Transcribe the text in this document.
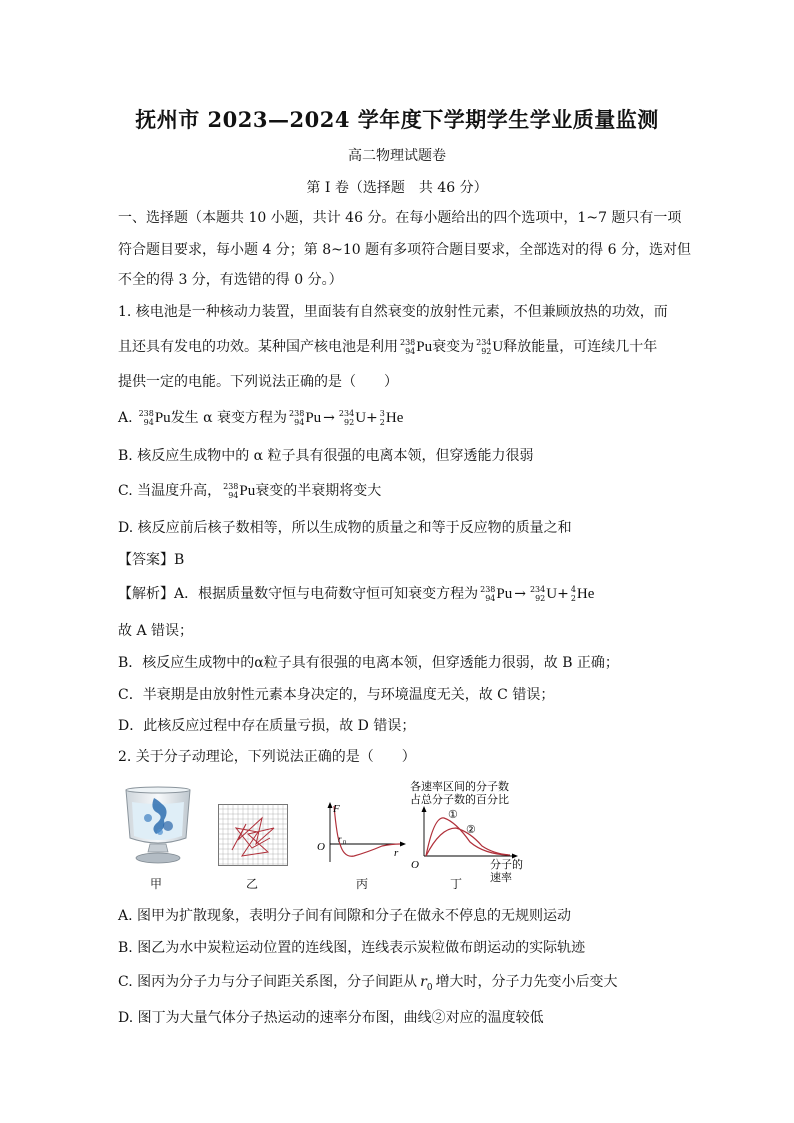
抚州市 2023—2024 学年度下学期学生学业质量监测
高二物理试题卷
第 I 卷（选择题　共 46 分）
一、选择题（本题共 10 小题，共计 46 分。在每小题给出的四个选项中，1~7 题只有一项
符合题目要求，每小题 4 分；第 8~10 题有多项符合题目要求，全部选对的得 6 分，选对但
不全的得 3 分，有选错的得 0 分。）
1. 核电池是一种核动力装置，里面装有自然衰变的放射性元素，不但兼顾放热的功效，而
且还具有发电的功效。某种国产核电池是利用 238
94 Pu 衰变为 234
92 U 释放能量，可连续几十年
提供一定的电能。下列说法正确的是（　　）
A. 238
94 Pu 发生 α 衰变方程为 238
94 Pu → 234
92 U + 3
2 He
B. 核反应生成物中的 α 粒子具有很强的电离本领，但穿透能力很弱
C. 当温度升高， 238
94 Pu 衰变的半衰期将变大
D. 核反应前后核子数相等，所以生成物的质量之和等于反应物的质量之和
【答案】B
【解析】A．根据质量数守恒与电荷数守恒可知衰变方程为 238
94 Pu → 234
92 U + 4
2 He
故 A 错误；
B．核反应生成物中的α粒子具有很强的电离本领，但穿透能力很弱，故 B 正确；
C．半衰期是由放射性元素本身决定的，与环境温度无关，故 C 错误；
D．此核反应过程中存在质量亏损，故 D 错误；
2. 关于分子动理论，下列说法正确的是（　　）
甲	乙
F
r
O
r 0
丙
各速率区间的分子数
占总分子数的百分比
①
②
O	分子的
速率
丁
A. 图甲为扩散现象，表明分子间有间隙和分子在做永不停息的无规则运动
B. 图乙为水中炭粒运动位置的连线图，连线表示炭粒做布朗运动的实际轨迹
C. 图丙为分子力与分子间距关系图，分子间距从 $r_0$ 增大时，分子力先变小后变大
D. 图丁为大量气体分子热运动的速率分布图，曲线②对应的温度较低
